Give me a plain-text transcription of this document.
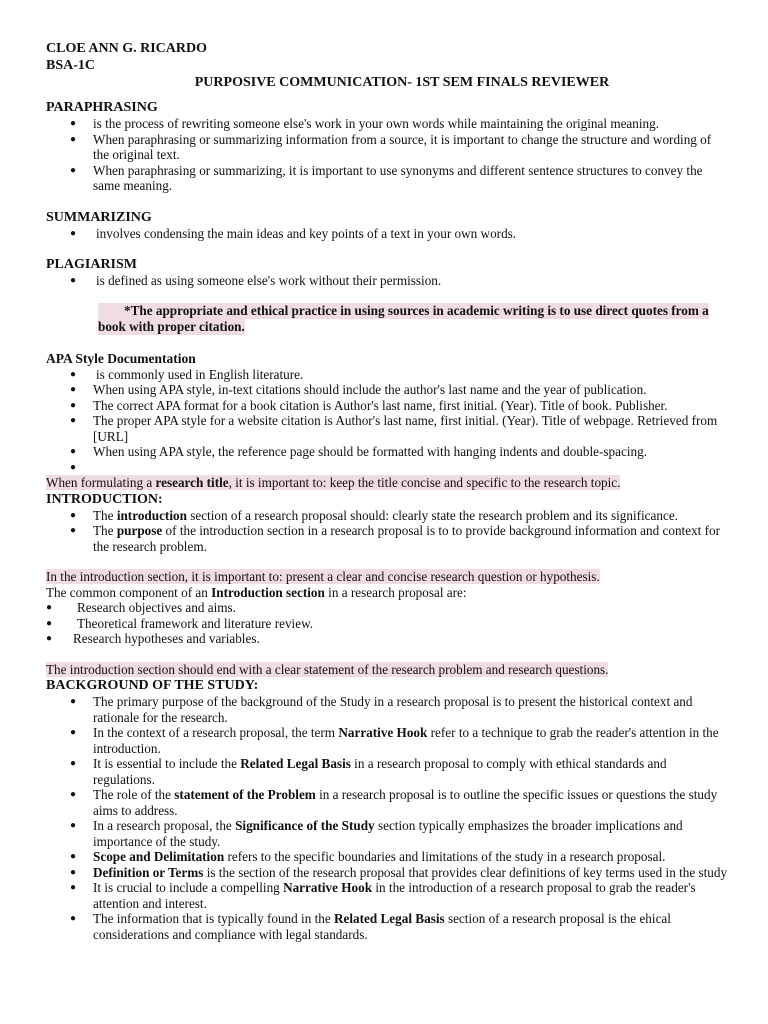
CLOE ANN G. RICARDO
BSA-1C
PURPOSIVE COMMUNICATION- 1ST SEM FINALS REVIEWER
PARAPHRASING
● is the process of rewriting someone else's work in your own words while maintaining the original meaning.
● When paraphrasing or summarizing information from a source, it is important to change the structure and wording of the original text.
● When paraphrasing or summarizing, it is important to use synonyms and different sentence structures to convey the same meaning.
SUMMARIZING
● involves condensing the main ideas and key points of a text in your own words.
PLAGIARISM
● is defined as using someone else's work without their permission.
*The appropriate and ethical practice in using sources in academic writing is to use direct quotes from a book with proper citation.
APA Style Documentation
● is commonly used in English literature.
● When using APA style, in-text citations should include the author's last name and the year of publication.
● The correct APA format for a book citation is Author's last name, first initial. (Year). Title of book. Publisher.
● The proper APA style for a website citation is Author's last name, first initial. (Year). Title of webpage. Retrieved from [URL]
● When using APA style, the reference page should be formatted with hanging indents and double-spacing.
●

When formulating a research title, it is important to: keep the title concise and specific to the research topic.

INTRODUCTION:
● The introduction section of a research proposal should: clearly state the research problem and its significance.
● The purpose of the introduction section in a research proposal is to to provide background information and context for the research problem.

In the introduction section, it is important to: present a clear and concise research question or hypothesis.

The common component of an Introduction section in a research proposal are:

● Research objectives and aims.
● Theoretical framework and literature review.
● Research hypotheses and variables.

The introduction section should end with a clear statement of the research problem and research questions.

BACKGROUND OF THE STUDY:
● The primary purpose of the background of the Study in a research proposal is to present the historical context and rationale for the research.
● In the context of a research proposal, the term Narrative Hook refer to a technique to grab the reader's attention in the introduction.
● It is essential to include the Related Legal Basis in a research proposal to comply with ethical standards and regulations.
● The role of the statement of the Problem in a research proposal is to outline the specific issues or questions the study aims to address.
● In a research proposal, the Significance of the Study section typically emphasizes the broader implications and importance of the study.
● Scope and Delimitation refers to the specific boundaries and limitations of the study in a research proposal.
● Definition or Terms is the section of the research proposal that provides clear definitions of key terms used in the study
● It is crucial to include a compelling Narrative Hook in the introduction of a research proposal to grab the reader's attention and interest.
● The information that is typically found in the Related Legal Basis section of a research proposal is the ehical considerations and compliance with legal standards.
